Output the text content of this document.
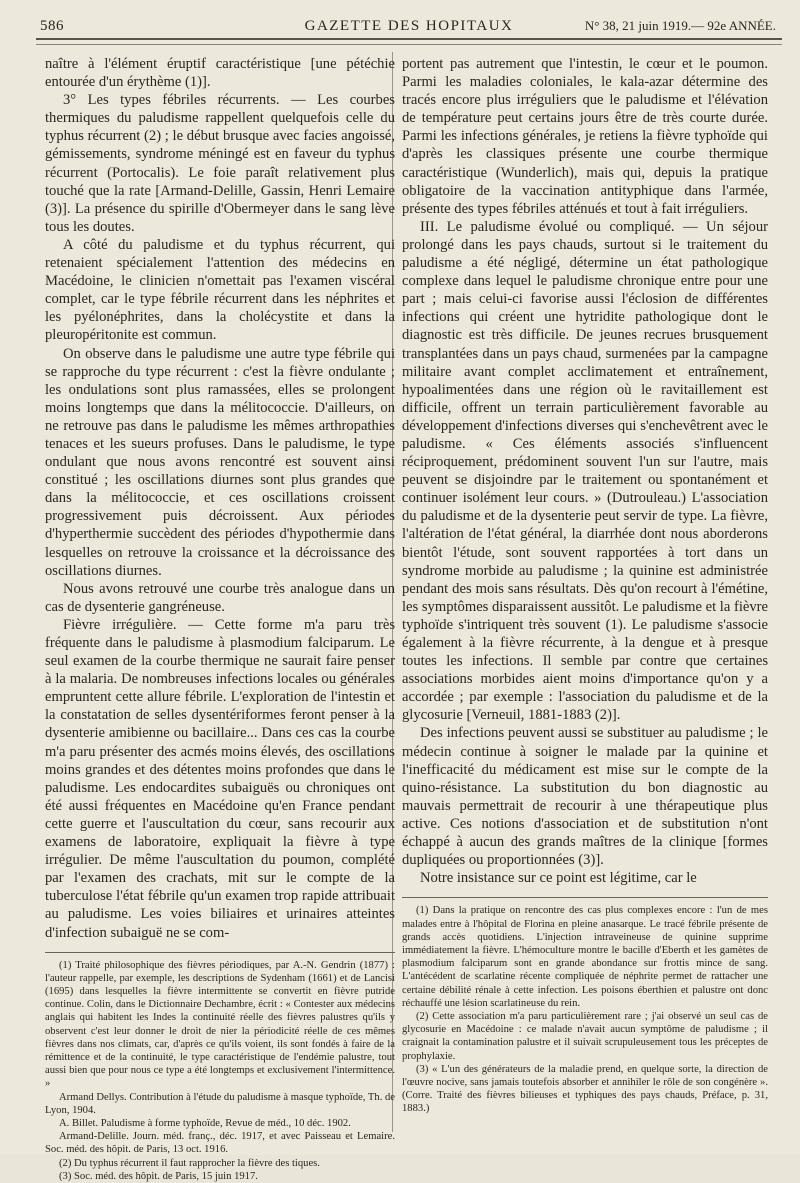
586	GAZETTE DES HOPITAUX	N° 38, 21 juin 1919.— 92e ANNÉE.

naître à l'élément éruptif caractéristique [une pétéchie entourée d'un érythème (1)].

3° Les types fébriles récurrents. — Les courbes thermiques du paludisme rappellent quelquefois celle du typhus récurrent (2) ; le début brusque avec facies angoissé, gémissements, syndrome méningé est en faveur du typhus récurrent (Portocalis). Le foie paraît relativement plus touché que la rate [Armand-Delille, Gassin, Henri Lemaire (3)]. La présence du spirille d'Obermeyer dans le sang lève tous les doutes.

A côté du paludisme et du typhus récurrent, qui retenaient spécialement l'attention des médecins en Macédoine, le clinicien n'omettait pas l'examen viscéral complet, car le type fébrile récurrent dans les néphrites et les pyélonéphrites, dans la cholécystite et dans la pleuropéritonite est commun.

On observe dans le paludisme une autre type fébrile qui se rapproche du type récurrent : c'est la fièvre ondulante ; les ondulations sont plus ramassées, elles se prolongent moins longtemps que dans la mélitococcie. D'ailleurs, on ne retrouve pas dans le paludisme les mêmes arthropathies tenaces et les sueurs profuses. Dans le paludisme, le type ondulant que nous avons rencontré est souvent ainsi constitué ; les oscillations diurnes sont plus grandes que dans la mélitococcie, et ces oscillations croissent progressivement puis décroissent. Aux périodes d'hyperthermie succèdent des périodes d'hypothermie dans lesquelles on retrouve la croissance et la décroissance des oscillations diurnes.

Nous avons retrouvé une courbe très analogue dans un cas de dysenterie gangréneuse.

Fièvre irrégulière. — Cette forme m'a paru très fréquente dans le paludisme à plasmodium falciparum. Le seul examen de la courbe thermique ne saurait faire penser à la malaria. De nombreuses infections locales ou générales empruntent cette allure fébrile. L'exploration de l'intestin et la constatation de selles dysentériformes feront penser à la dysenterie amibienne ou bacillaire... Dans ces cas la courbe m'a paru présenter des acmés moins élevés, des oscillations moins grandes et des détentes moins profondes que dans le paludisme. Les endocardites subaiguës ou chroniques ont été aussi fréquentes en Macédoine qu'en France pendant cette guerre et l'auscultation du cœur, sans recourir aux examens de laboratoire, expliquait la fièvre à type irrégulier. De même l'auscultation du poumon, complété par l'examen des crachats, mit sur le compte de la tuberculose l'état fébrile qu'un examen trop rapide attribuait au paludisme. Les voies biliaires et urinaires atteintes d'infection subaiguë ne se com-

(1) Traité philosophique des fièvres périodiques, par A.-N. Gendrin (1877) : l'auteur rappelle, par exemple, les descriptions de Sydenham (1661) et de Lancisi (1695) dans lesquelles la fièvre intermittente se convertit en fièvre putride continue. Colin, dans le Dictionnaire Dechambre, écrit : « Contester aux médecins anglais qui habitent les Indes la continuité réelle des fièvres palustres qu'ils y observent c'est leur donner le droit de nier la périodicité réelle de ces mêmes fièvres dans nos climats, car, d'après ce qu'ils voient, ils sont fondés à faire de la rémittence et de la continuité, le type caractéristique de l'endémie palustre, tout aussi bien que pour nous ce type a été longtemps et exclusivement l'intermittence. »

Armand Dellys. Contribution à l'étude du paludisme à masque typhoïde, Th. de Lyon, 1904.

A. Billet. Paludisme à forme typhoïde, Revue de méd., 10 déc. 1902.

Armand-Delille. Journ. méd. franç., déc. 1917, et avec Paisseau et Lemaire. Soc. méd. des hôpit. de Paris, 13 oct. 1916.

(2) Du typhus récurrent il faut rapprocher la fièvre des tiques.

(3) Soc. méd. des hôpit. de Paris, 15 juin 1917.

portent pas autrement que l'intestin, le cœur et le poumon. Parmi les maladies coloniales, le kala-azar détermine des tracés encore plus irréguliers que le paludisme et l'élévation de température peut certains jours être de très courte durée. Parmi les infections générales, je retiens la fièvre typhoïde qui d'après les classiques présente une courbe thermique caractéristique (Wunderlich), mais qui, depuis la pratique obligatoire de la vaccination antityphique dans l'armée, présente des types fébriles atténués et tout à fait irréguliers.

III. Le paludisme évolué ou compliqué. — Un séjour prolongé dans les pays chauds, surtout si le traitement du paludisme a été négligé, détermine un état pathologique complexe dans lequel le paludisme chronique entre pour une part ; mais celui-ci favorise aussi l'éclosion de différentes infections qui créent une hytridite pathologique dont le diagnostic est très difficile. De jeunes recrues brusquement transplantées dans un pays chaud, surmenées par la campagne militaire avant complet acclimatement et entraînement, hypoalimentées dans une région où le ravitaillement est difficile, offrent un terrain particulièrement favorable au développement d'infections diverses qui s'enchevêtrent avec le paludisme. « Ces éléments associés s'influencent réciproquement, prédominent souvent l'un sur l'autre, mais peuvent se disjoindre par le traitement ou spontanément et continuer isolément leur cours. » (Dutrouleau.) L'association du paludisme et de la dysenterie peut servir de type. La fièvre, l'altération de l'état général, la diarrhée dont nous aborderons bientôt l'étude, sont souvent rapportées à tort dans un syndrome morbide au paludisme ; la quinine est administrée pendant des mois sans résultats. Dès qu'on recourt à l'émétine, les symptômes disparaissent aussitôt. Le paludisme et la fièvre typhoïde s'intriquent très souvent (1). Le paludisme s'associe également à la fièvre récurrente, à la dengue et à presque toutes les infections. Il semble par contre que certaines associations morbides aient moins d'importance qu'on y a accordée ; par exemple : l'association du paludisme et de la glycosurie [Verneuil, 1881-1883 (2)].

Des infections peuvent aussi se substituer au paludisme ; le médecin continue à soigner le malade par la quinine et l'inefficacité du médicament est mise sur le compte de la quino-résistance. La substitution du bon diagnostic au mauvais permettrait de recourir à une thérapeutique plus active. Ces notions d'association et de substitution n'ont échappé à aucun des grands maîtres de la clinique [formes dupliquées ou proportionnées (3)].

Notre insistance sur ce point est légitime, car le

(1) Dans la pratique on rencontre des cas plus complexes encore : l'un de mes malades entre à l'hôpital de Florina en pleine anasarque. Le tracé fébrile présente de grands accès quotidiens. L'injection intraveineuse de quinine supprime immédiatement la fièvre. L'hémoculture montre le bacille d'Eberth et les gamètes de plasmodium falciparum sont en grande abondance sur frottis mince de sang. L'antécédent de scarlatine récente compliquée de néphrite permet de rattacher une certaine débilité rénale à cette infection. Les poisons éberthien et palustre ont donc réchauffé une lésion scarlatineuse du rein.

(2) Cette association m'a paru particulièrement rare ; j'ai observé un seul cas de glycosurie en Macédoine : ce malade n'avait aucun symptôme de paludisme ; il craignait la contamination palustre et il suivait scrupuleusement tous les préceptes de prophylaxie.

(3) « L'un des générateurs de la maladie prend, en quelque sorte, la direction de l'œuvre nocive, sans jamais toutefois absorber et annihiler le rôle de son congénère ». (Corre. Traité des fièvres bilieuses et typhiques des pays chauds, Préface, p. 31, 1883.)
